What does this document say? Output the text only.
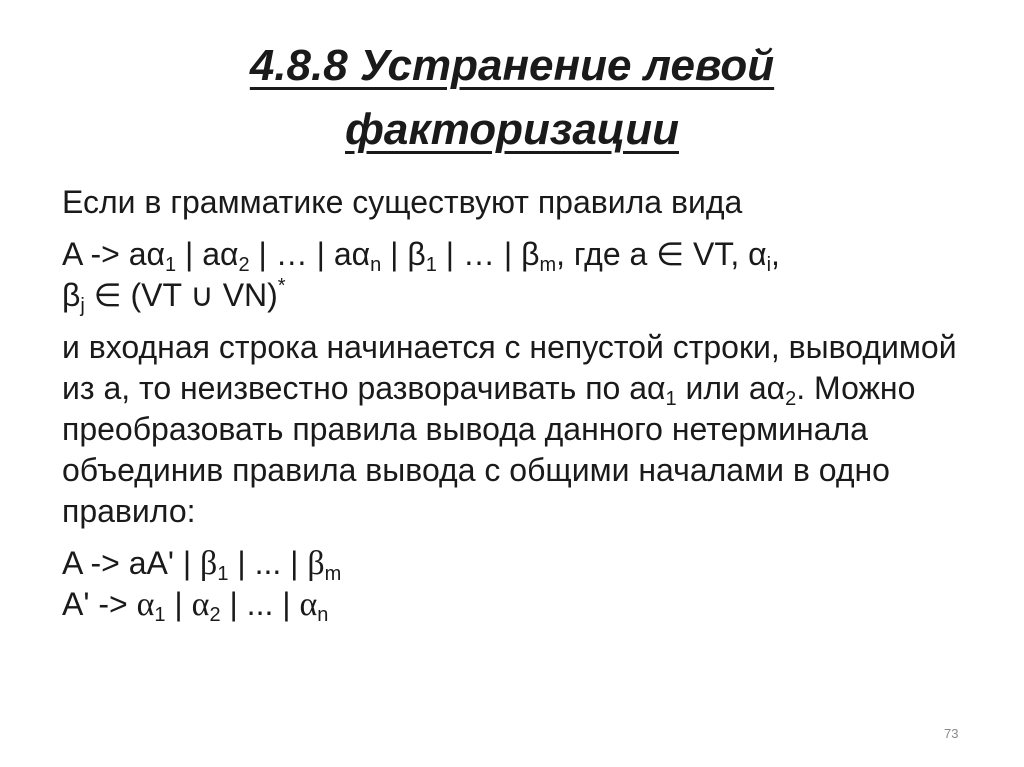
4.8.8 Устранение левой
факторизации

Если в грамматике существуют правила вида

$A -> a\alpha_1$ | $a\alpha_2$ | … | $a\alpha_n$ | $\beta_1$ | … | $\beta_m$, где a ∈ VT, $\alpha_i$,
$\beta_j$ ∈ (VT ∪ VN)*

и входная строка начинается с непустой строки, выводимой из a, то неизвестно разворачивать по $a\alpha_1$ или $a\alpha_2$. Можно преобразовать правила вывода данного нетерминала объединив правила вывода с общими началами в одно правило:

A -> aA' | $\beta_1$ | ... | $\beta_m$

$A' -> \alpha_1$ | $\alpha_2$ | ... | $\alpha_n$

73
